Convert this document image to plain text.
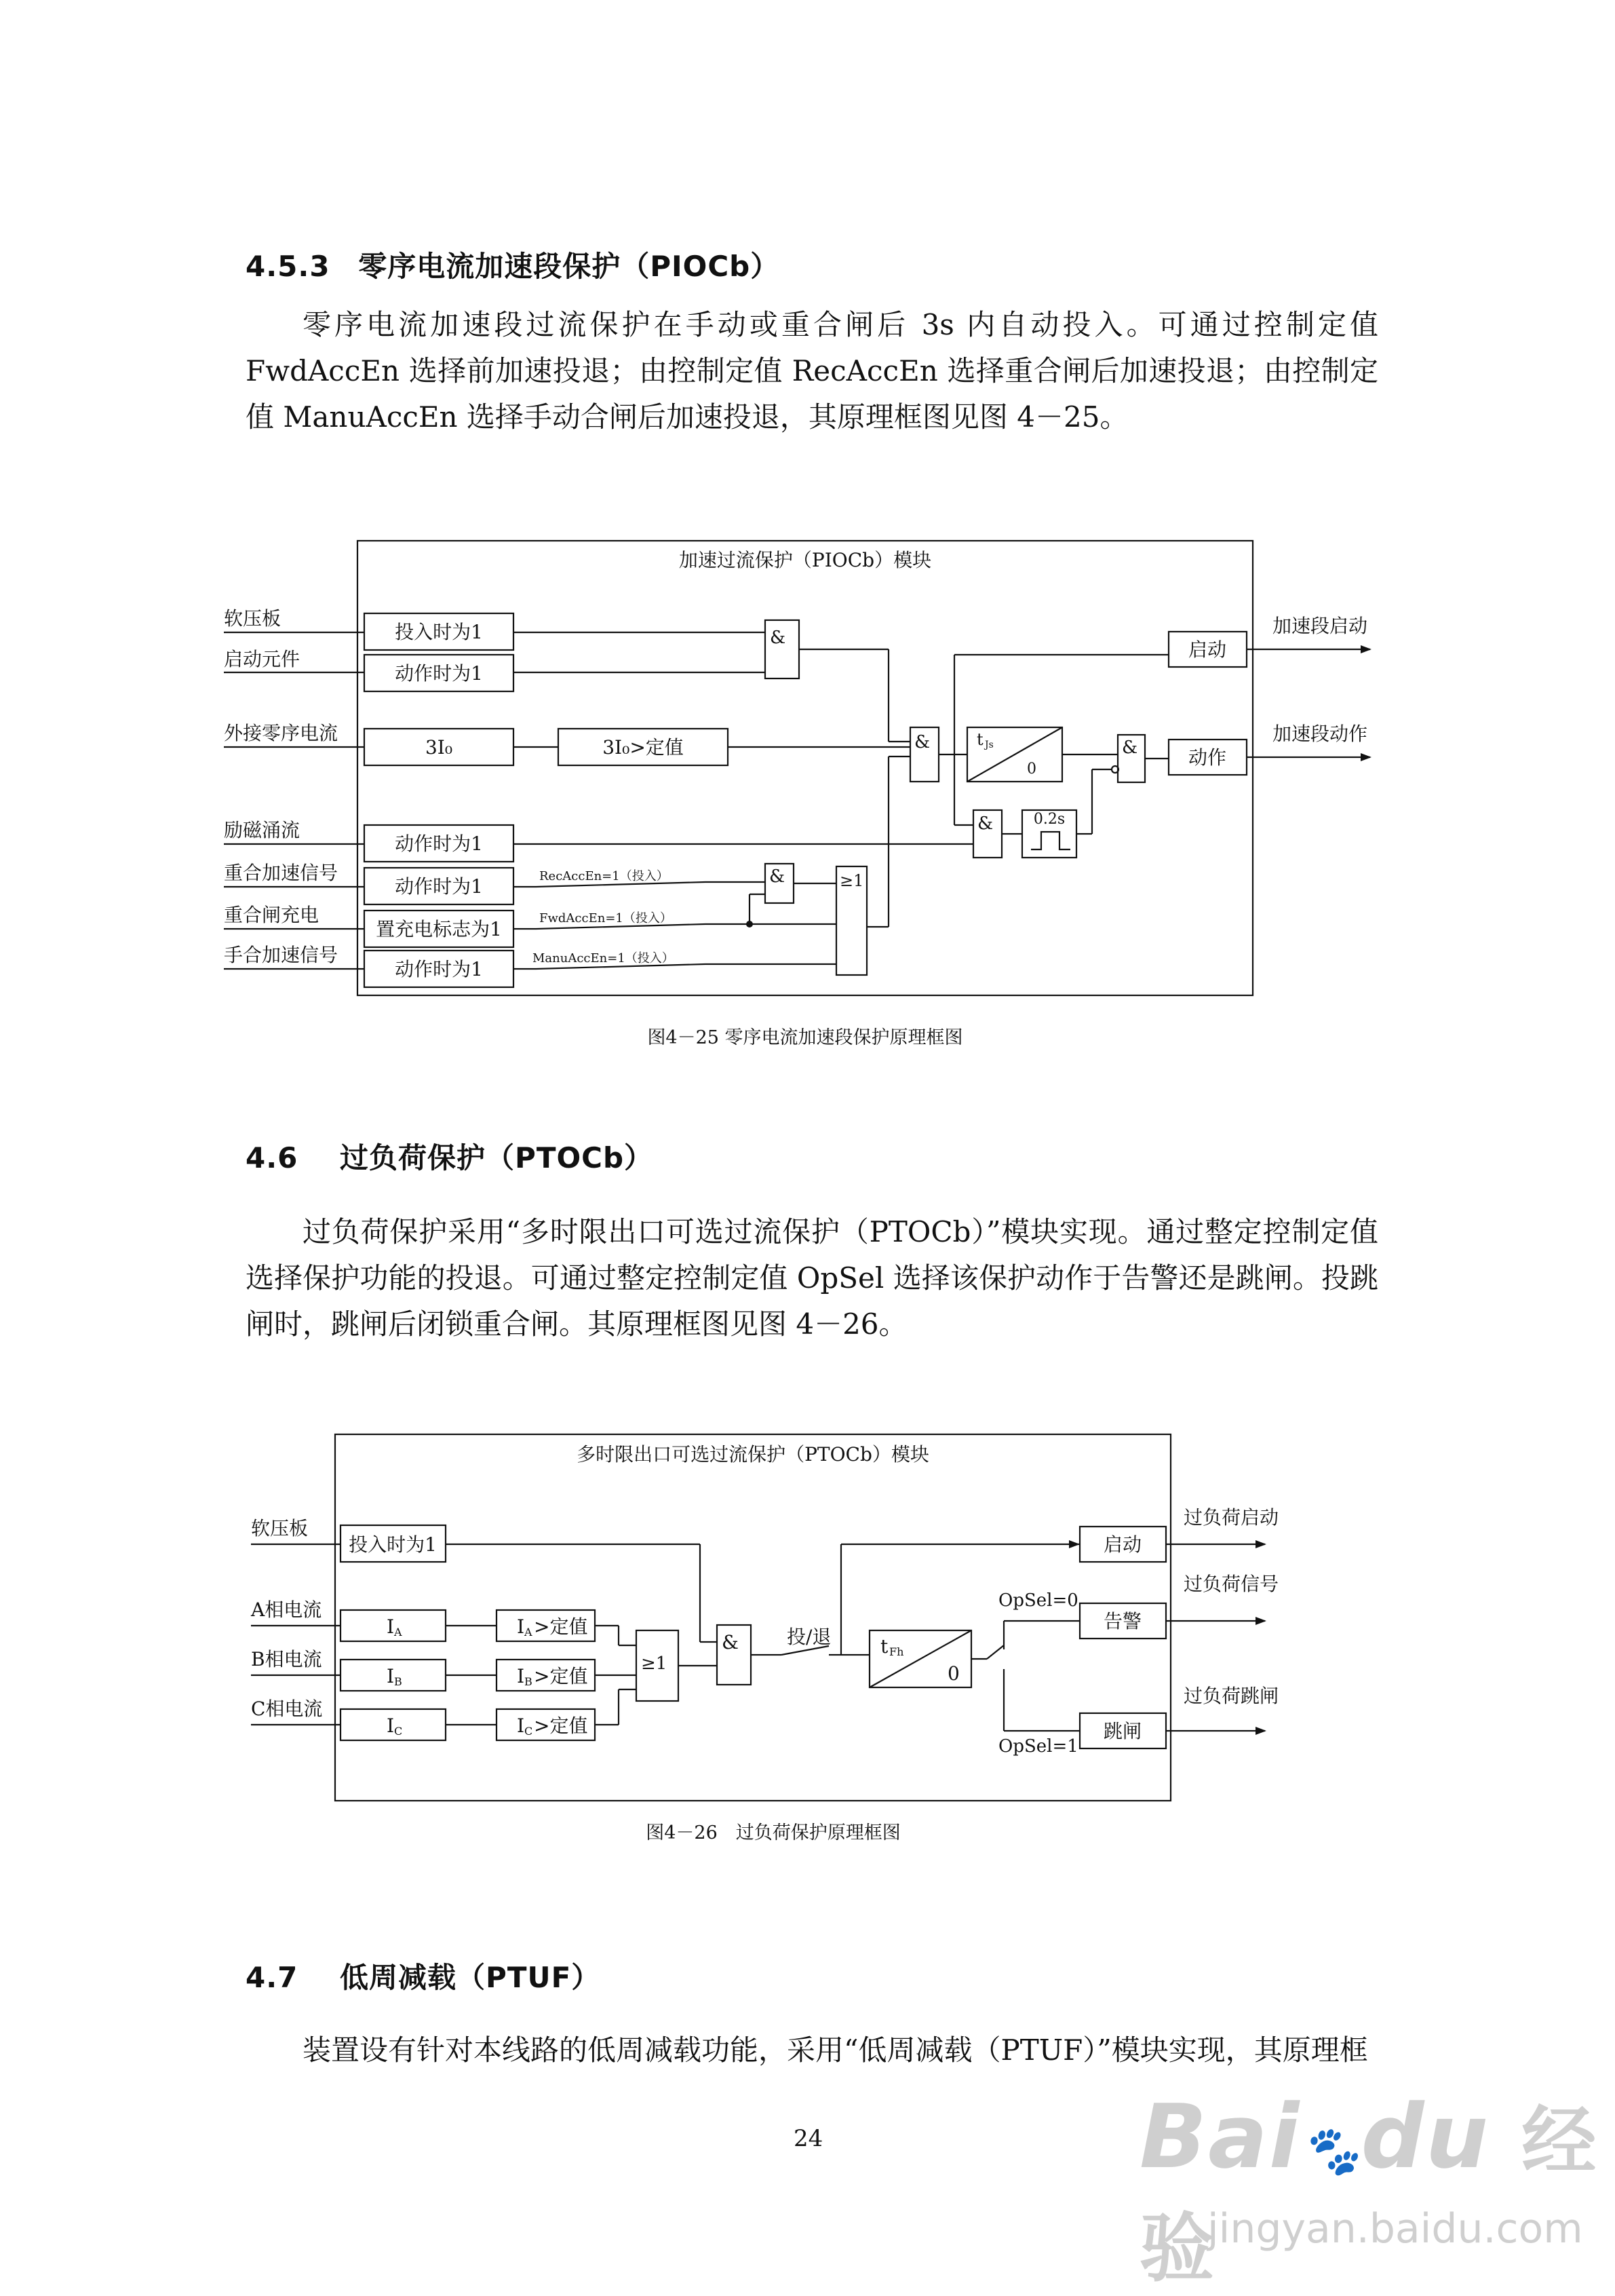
4.5.3 零序电流加速段保护（PIOCb）
零序电流加速段过流保护在手动或重合闸后 3s 内自动投入。可通过控制定值 FwdAccEn 选择前加速投退；由控制定值 RecAccEn 选择重合闸后加速投退；由控制定值 ManuAccEn 选择手动合闸后加速投退，其原理框图见图 4－25。
加速过流保护（PIOCb）模块
软压板
启动元件
外接零序电流
励磁涌流
重合加速信号
重合闸充电
手合加速信号
投入时为1
动作时为1
3I₀	3I₀>定值
动作时为1
动作时为1
置充电标志为1
动作时为1
&
&	&
&
&	≥1
t Js
0
0.2s
启动
动作
RecAccEn=1（投入）
FwdAccEn=1（投入）
ManuAccEn=1（投入）
加速段启动
加速段动作
图4－25 零序电流加速段保护原理框图
4.6 过负荷保护（PTOCb）
过负荷保护采用“多时限出口可选过流保护（PTOCb）”模块实现。通过整定控制定值选择保护功能的投退。可通过整定控制定值 OpSel 选择该保护动作于告警还是跳闸。投跳闸时，跳闸后闭锁重合闸。其原理框图见图 4－26。
多时限出口可选过流保护（PTOCb）模块
软压板
A相电流
B相电流
C相电流
投入时为1
I A
I B
I C
I A >定值
I B >定值
I C >定值
≥1
&	投/退	t Fh
0
启动
告警
跳闸
OpSel=0
OpSel=1
过负荷启动
过负荷信号
过负荷跳闸
图4－26　过负荷保护原理框图
4.7 低周减载（PTUF）
装置设有针对本线路的低周减载功能，采用“低周减载（PTUF）”模块实现，其原理框
24	Bai🐾du 经验
jingyan.baidu.com
